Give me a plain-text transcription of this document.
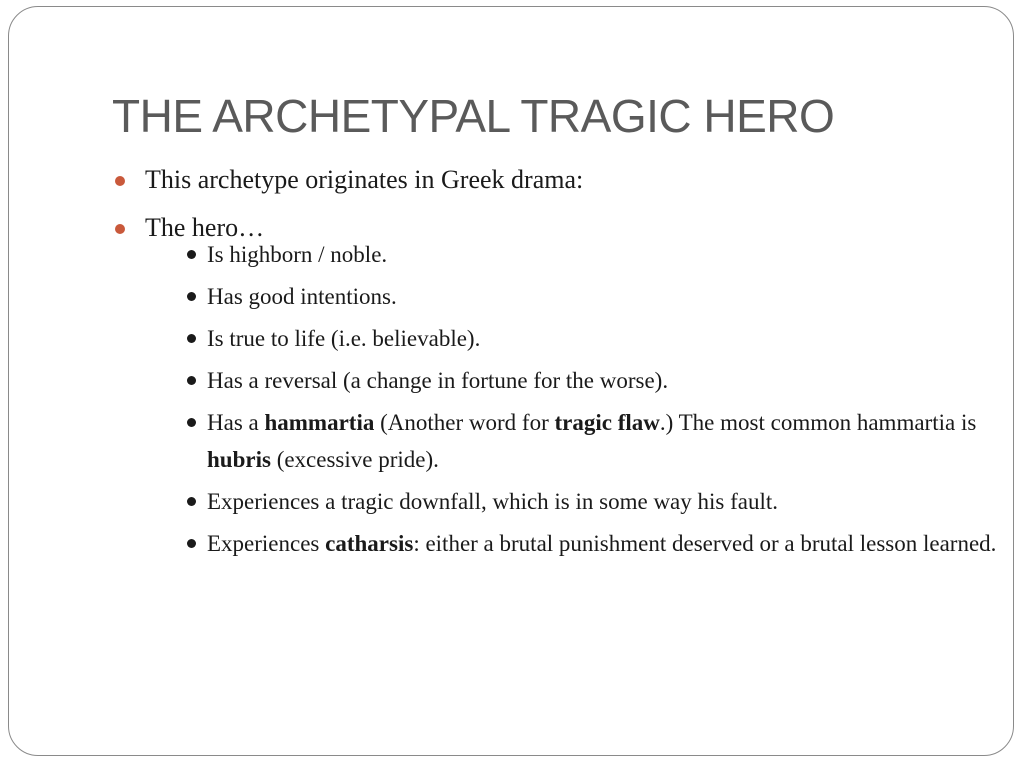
THE ARCHETYPAL TRAGIC HERO
This archetype originates in Greek drama:
The hero…
Is highborn / noble.
Has good intentions.
Is true to life (i.e. believable).
Has a reversal (a change in fortune for the worse).
Has a hammartia (Another word for tragic flaw.) The most common hammartia is hubris (excessive pride).
Experiences a tragic downfall, which is in some way his fault.
Experiences catharsis: either a brutal punishment deserved or a brutal lesson learned.
